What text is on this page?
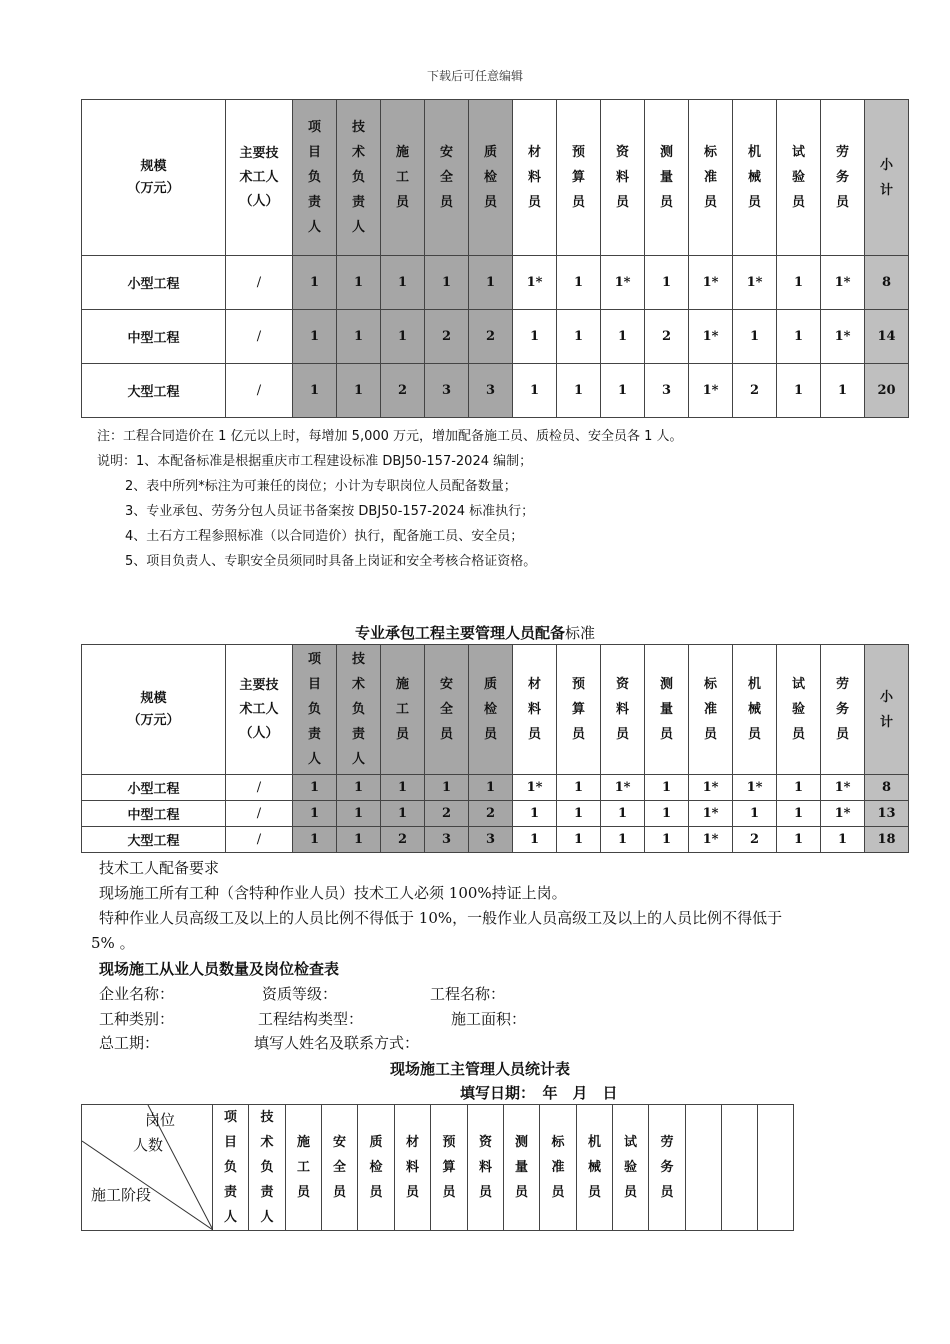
下载后可任意编辑
规模
（万元）	主要技术工人（人）	项目负责人	技术负责人	施工员	安全员	质检员	材料员	预算员	资料员	测量员	标准员	机械员	试验员	劳务员	小计
小型工程	/	1	1	1	1	1	1*	1	1*	1	1*	1*	1	1*	8
中型工程	/	1	1	1	2	2	1	1	1	2	1*	1	1	1*	14
大型工程	/	1	1	2	3	3	1	1	1	3	1*	2	1	1	20
注：工程合同造价在 1 亿元以上时，每增加 5,000 万元，增加配备施工员、质检员、安全员各 1 人。
说明：1、本配备标准是根据重庆市工程建设标准 DBJ50-157-2024 编制；
2、表中所列*标注为可兼任的岗位；小计为专职岗位人员配备数量；
3、专业承包、劳务分包人员证书备案按 DBJ50-157-2024 标准执行；
4、土石方工程参照标准（以合同造价）执行，配备施工员、安全员；
5、项目负责人、专职安全员须同时具备上岗证和安全考核合格证资格。
专业承包工程主要管理人员配备标准
规模
（万元）	主要技术工人（人）	项目负责人	技术负责人	施工员	安全员	质检员	材料员	预算员	资料员	测量员	标准员	机械员	试验员	劳务员	小计
小型工程	/	1	1	1	1	1	1*	1	1*	1	1*	1*	1	1*	8
中型工程	/	1	1	1	2	2	1	1	1	1	1*	1	1	1*	13
大型工程	/	1	1	2	3	3	1	1	1	1	1*	2	1	1	18
技术工人配备要求
现场施工所有工种（含特种作业人员）技术工人必须 100%持证上岗。
特种作业人员高级工及以上的人员比例不得低于 10%，一般作业人员高级工及以上的人员比例不得低于
5% 。
现场施工从业人员数量及岗位检查表
企业名称：	资质等级：	工程名称：
工种类别：	工程结构类型：	施工面积：
总工期：	填写人姓名及联系方式：
现场施工主管理人员统计表
填写日期：　年　月　日
岗位
人数
施工阶段
	项目负责人	技术负责人	施工员	安全员	质检员	材料员	预算员	资料员	测量员	标准员	机械员	试验员	劳务员			
